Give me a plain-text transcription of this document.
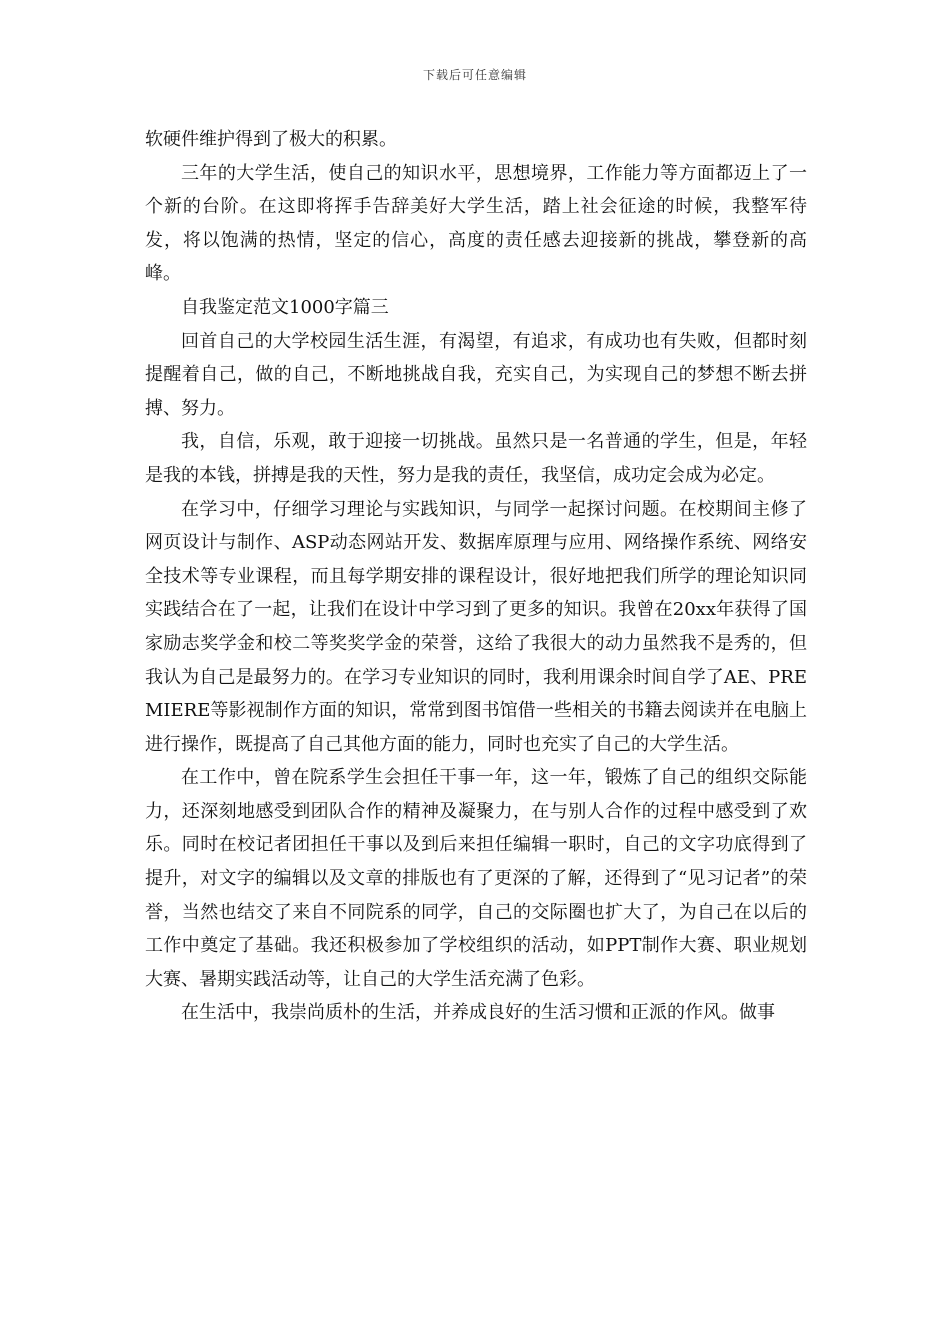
下载后可任意编辑

软硬件维护得到了极大的积累。

三年的大学生活，使自己的知识水平，思想境界，工作能力等方面都迈上了一个新的台阶。在这即将挥手告辞美好大学生活，踏上社会征途的时候，我整军待发，将以饱满的热情，坚定的信心，高度的责任感去迎接新的挑战，攀登新的高峰。

自我鉴定范文1000字篇三

回首自己的大学校园生活生涯，有渴望，有追求，有成功也有失败，但都时刻提醒着自己，做的自己，不断地挑战自我，充实自己，为实现自己的梦想不断去拼搏、努力。

我，自信，乐观，敢于迎接一切挑战。虽然只是一名普通的学生，但是，年轻是我的本钱，拼搏是我的天性，努力是我的责任，我坚信，成功定会成为必定。

在学习中，仔细学习理论与实践知识，与同学一起探讨问题。在校期间主修了网页设计与制作、ASP动态网站开发、数据库原理与应用、网络操作系统、网络安全技术等专业课程，而且每学期安排的课程设计，很好地把我们所学的理论知识同实践结合在了一起，让我们在设计中学习到了更多的知识。我曾在20xx年获得了国家励志奖学金和校二等奖奖学金的荣誉，这给了我很大的动力虽然我不是秀的，但我认为自己是最努力的。在学习专业知识的同时，我利用课余时间自学了AE、PREMIERE等影视制作方面的知识，常常到图书馆借一些相关的书籍去阅读并在电脑上进行操作，既提高了自己其他方面的能力，同时也充实了自己的大学生活。

在工作中，曾在院系学生会担任干事一年，这一年，锻炼了自己的组织交际能力，还深刻地感受到团队合作的精神及凝聚力，在与别人合作的过程中感受到了欢乐。同时在校记者团担任干事以及到后来担任编辑一职时，自己的文字功底得到了提升，对文字的编辑以及文章的排版也有了更深的了解，还得到了“见习记者”的荣誉，当然也结交了来自不同院系的同学，自己的交际圈也扩大了，为自己在以后的工作中奠定了基础。我还积极参加了学校组织的活动，如PPT制作大赛、职业规划大赛、暑期实践活动等，让自己的大学生活充满了色彩。

在生活中，我崇尚质朴的生活，并养成良好的生活习惯和正派的作风。做事
